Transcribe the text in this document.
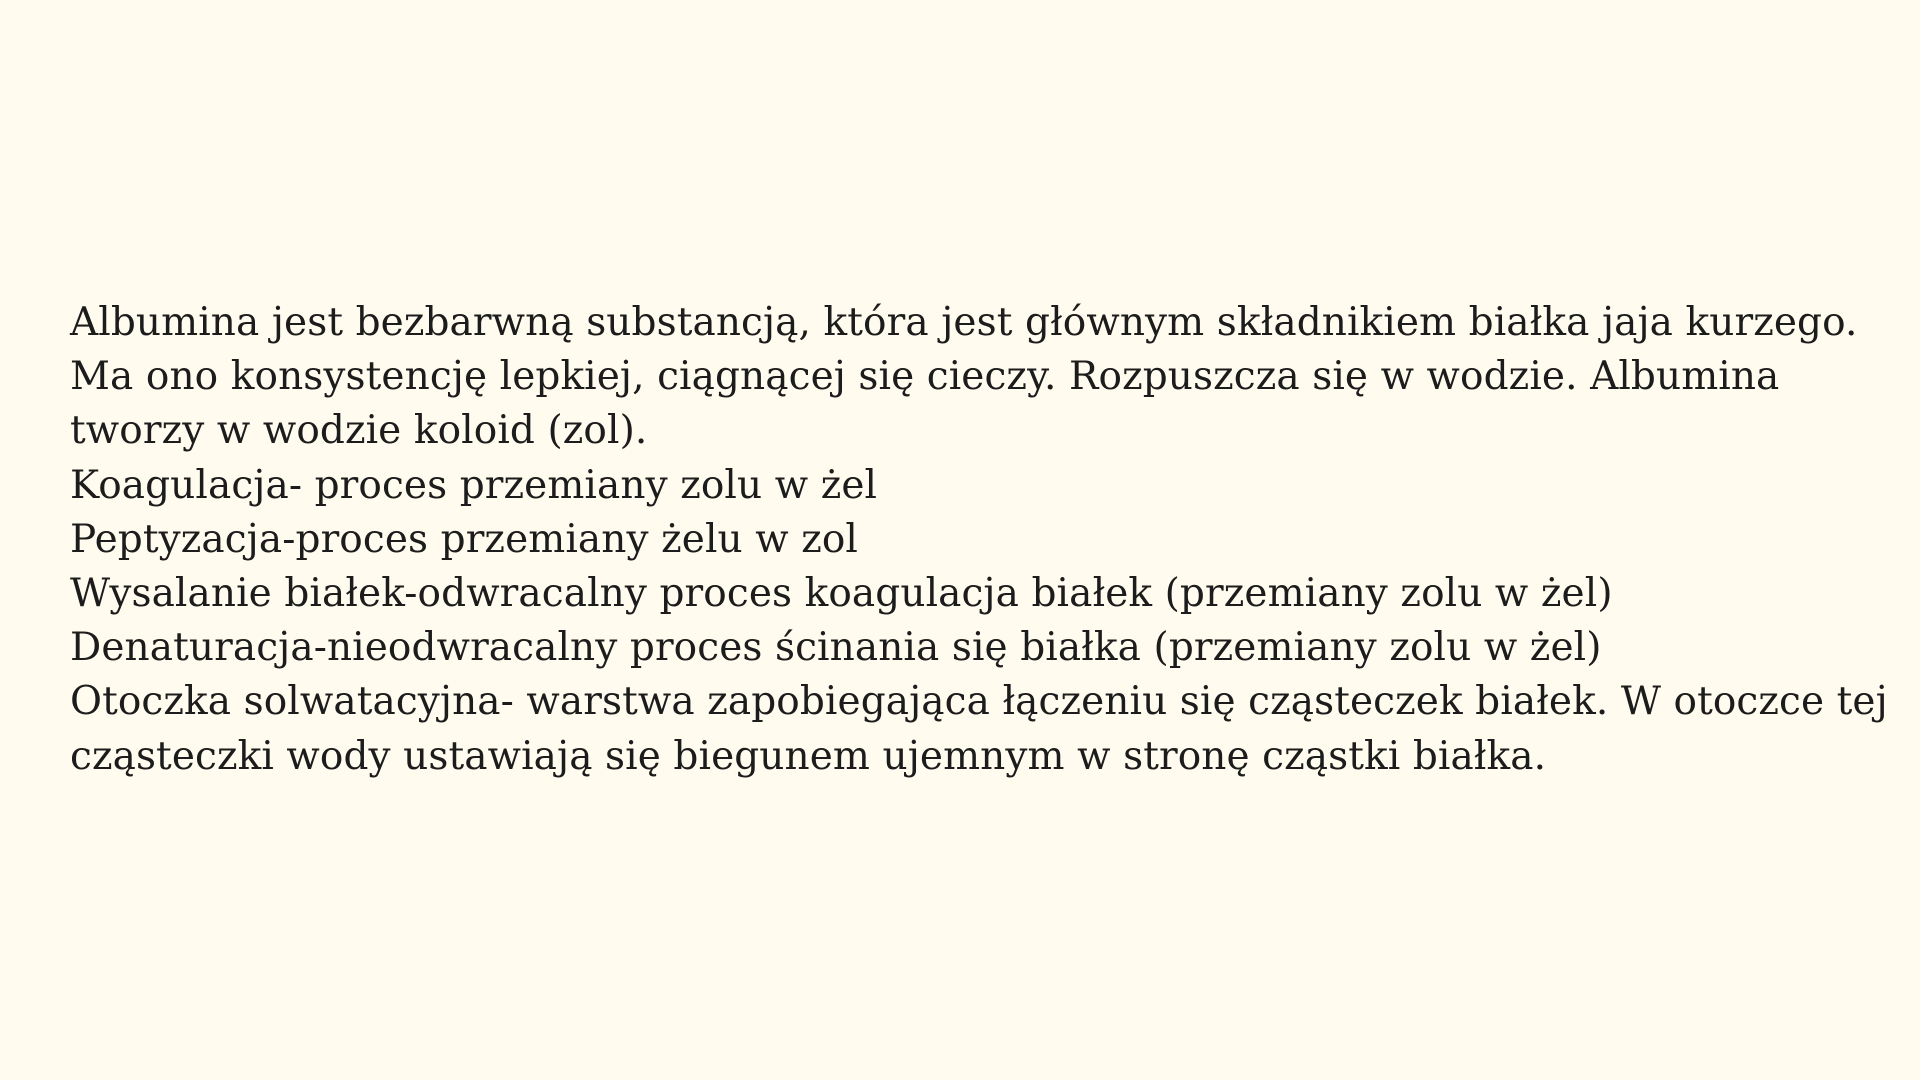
Albumina jest bezbarwną substancją, która jest głównym składnikiem białka jaja kurzego.
Ma ono konsystencję lepkiej, ciągnącej się cieczy. Rozpuszcza się w wodzie. Albumina
tworzy w wodzie koloid (zol).
Koagulacja- proces przemiany zolu w żel
Peptyzacja-proces przemiany żelu w zol
Wysalanie białek-odwracalny proces koagulacja białek (przemiany zolu w żel)
Denaturacja-nieodwracalny proces ścinania się białka (przemiany zolu w żel)
Otoczka solwatacyjna- warstwa zapobiegająca łączeniu się cząsteczek białek. W otoczce tej
cząsteczki wody ustawiają się biegunem ujemnym w stronę cząstki białka.
